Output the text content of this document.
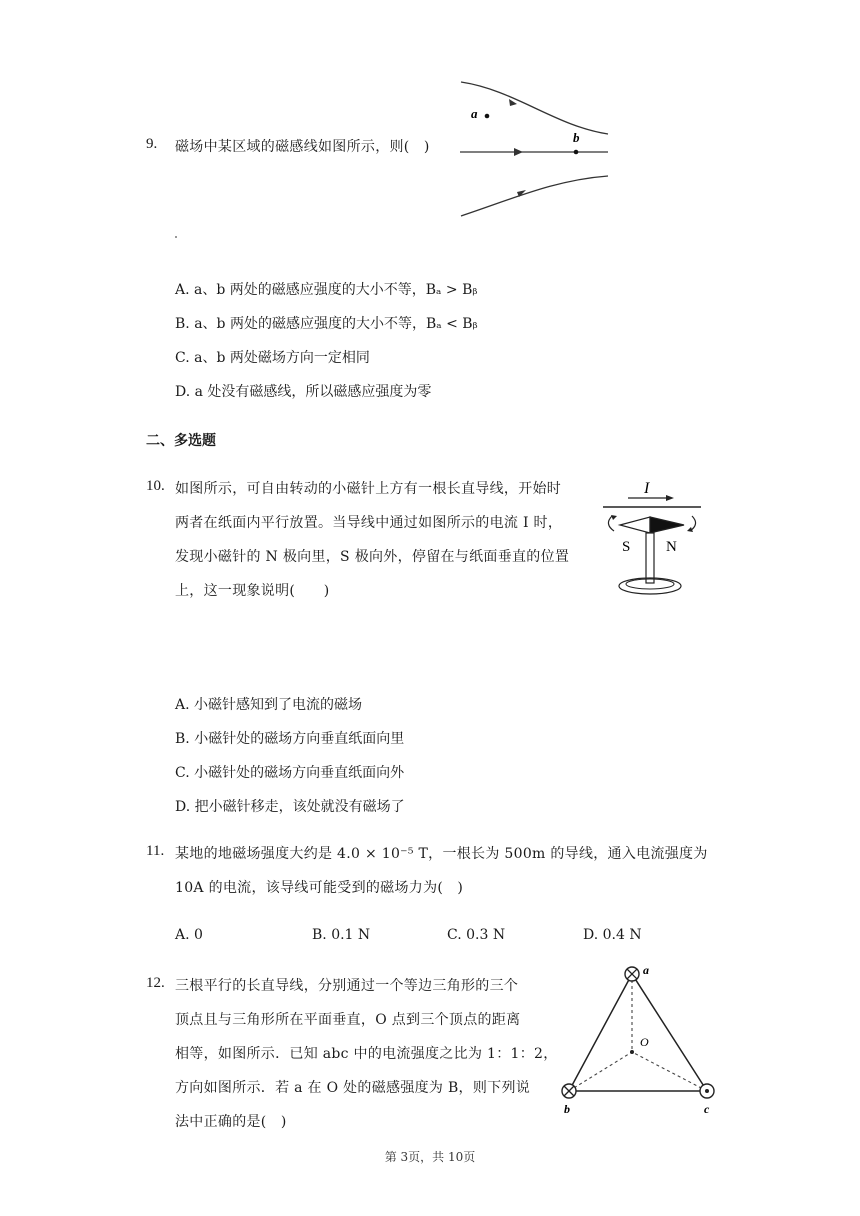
9. 磁场中某区域的磁感线如图所示，则(　)
a
b
A. a、b 两处的磁感应强度的大小不等，Bₐ > Bᵦ
B. a、b 两处的磁感应强度的大小不等，Bₐ < Bᵦ
C. a、b 两处磁场方向一定相同
D. a 处没有磁感线，所以磁感应强度为零
二、多选题
10. 如图所示，可自由转动的小磁针上方有一根长直导线，开始时
两者在纸面内平行放置。当导线中通过如图所示的电流 I 时，
发现小磁针的 N 极向里，S 极向外，停留在与纸面垂直的位置
上，这一现象说明(　　)
I
S N
A. 小磁针感知到了电流的磁场
B. 小磁针处的磁场方向垂直纸面向里
C. 小磁针处的磁场方向垂直纸面向外
D. 把小磁针移走，该处就没有磁场了
11. 某地的地磁场强度大约是 4.0 × 10⁻⁵ T，一根长为 500m 的导线，通入电流强度为
10A 的电流，该导线可能受到的磁场力为(　)
A. 0	B. 0.1 N	C. 0.3 N	D. 0.4 N
12. 三根平行的长直导线，分别通过一个等边三角形的三个
顶点且与三角形所在平面垂直，O 点到三个顶点的距离
相等，如图所示．已知 abc 中的电流强度之比为 1：1：2，
方向如图所示．若 a 在 O 处的磁感强度为 B，则下列说
法中正确的是(　)
a
b	c
O
第 3页，共 10页
